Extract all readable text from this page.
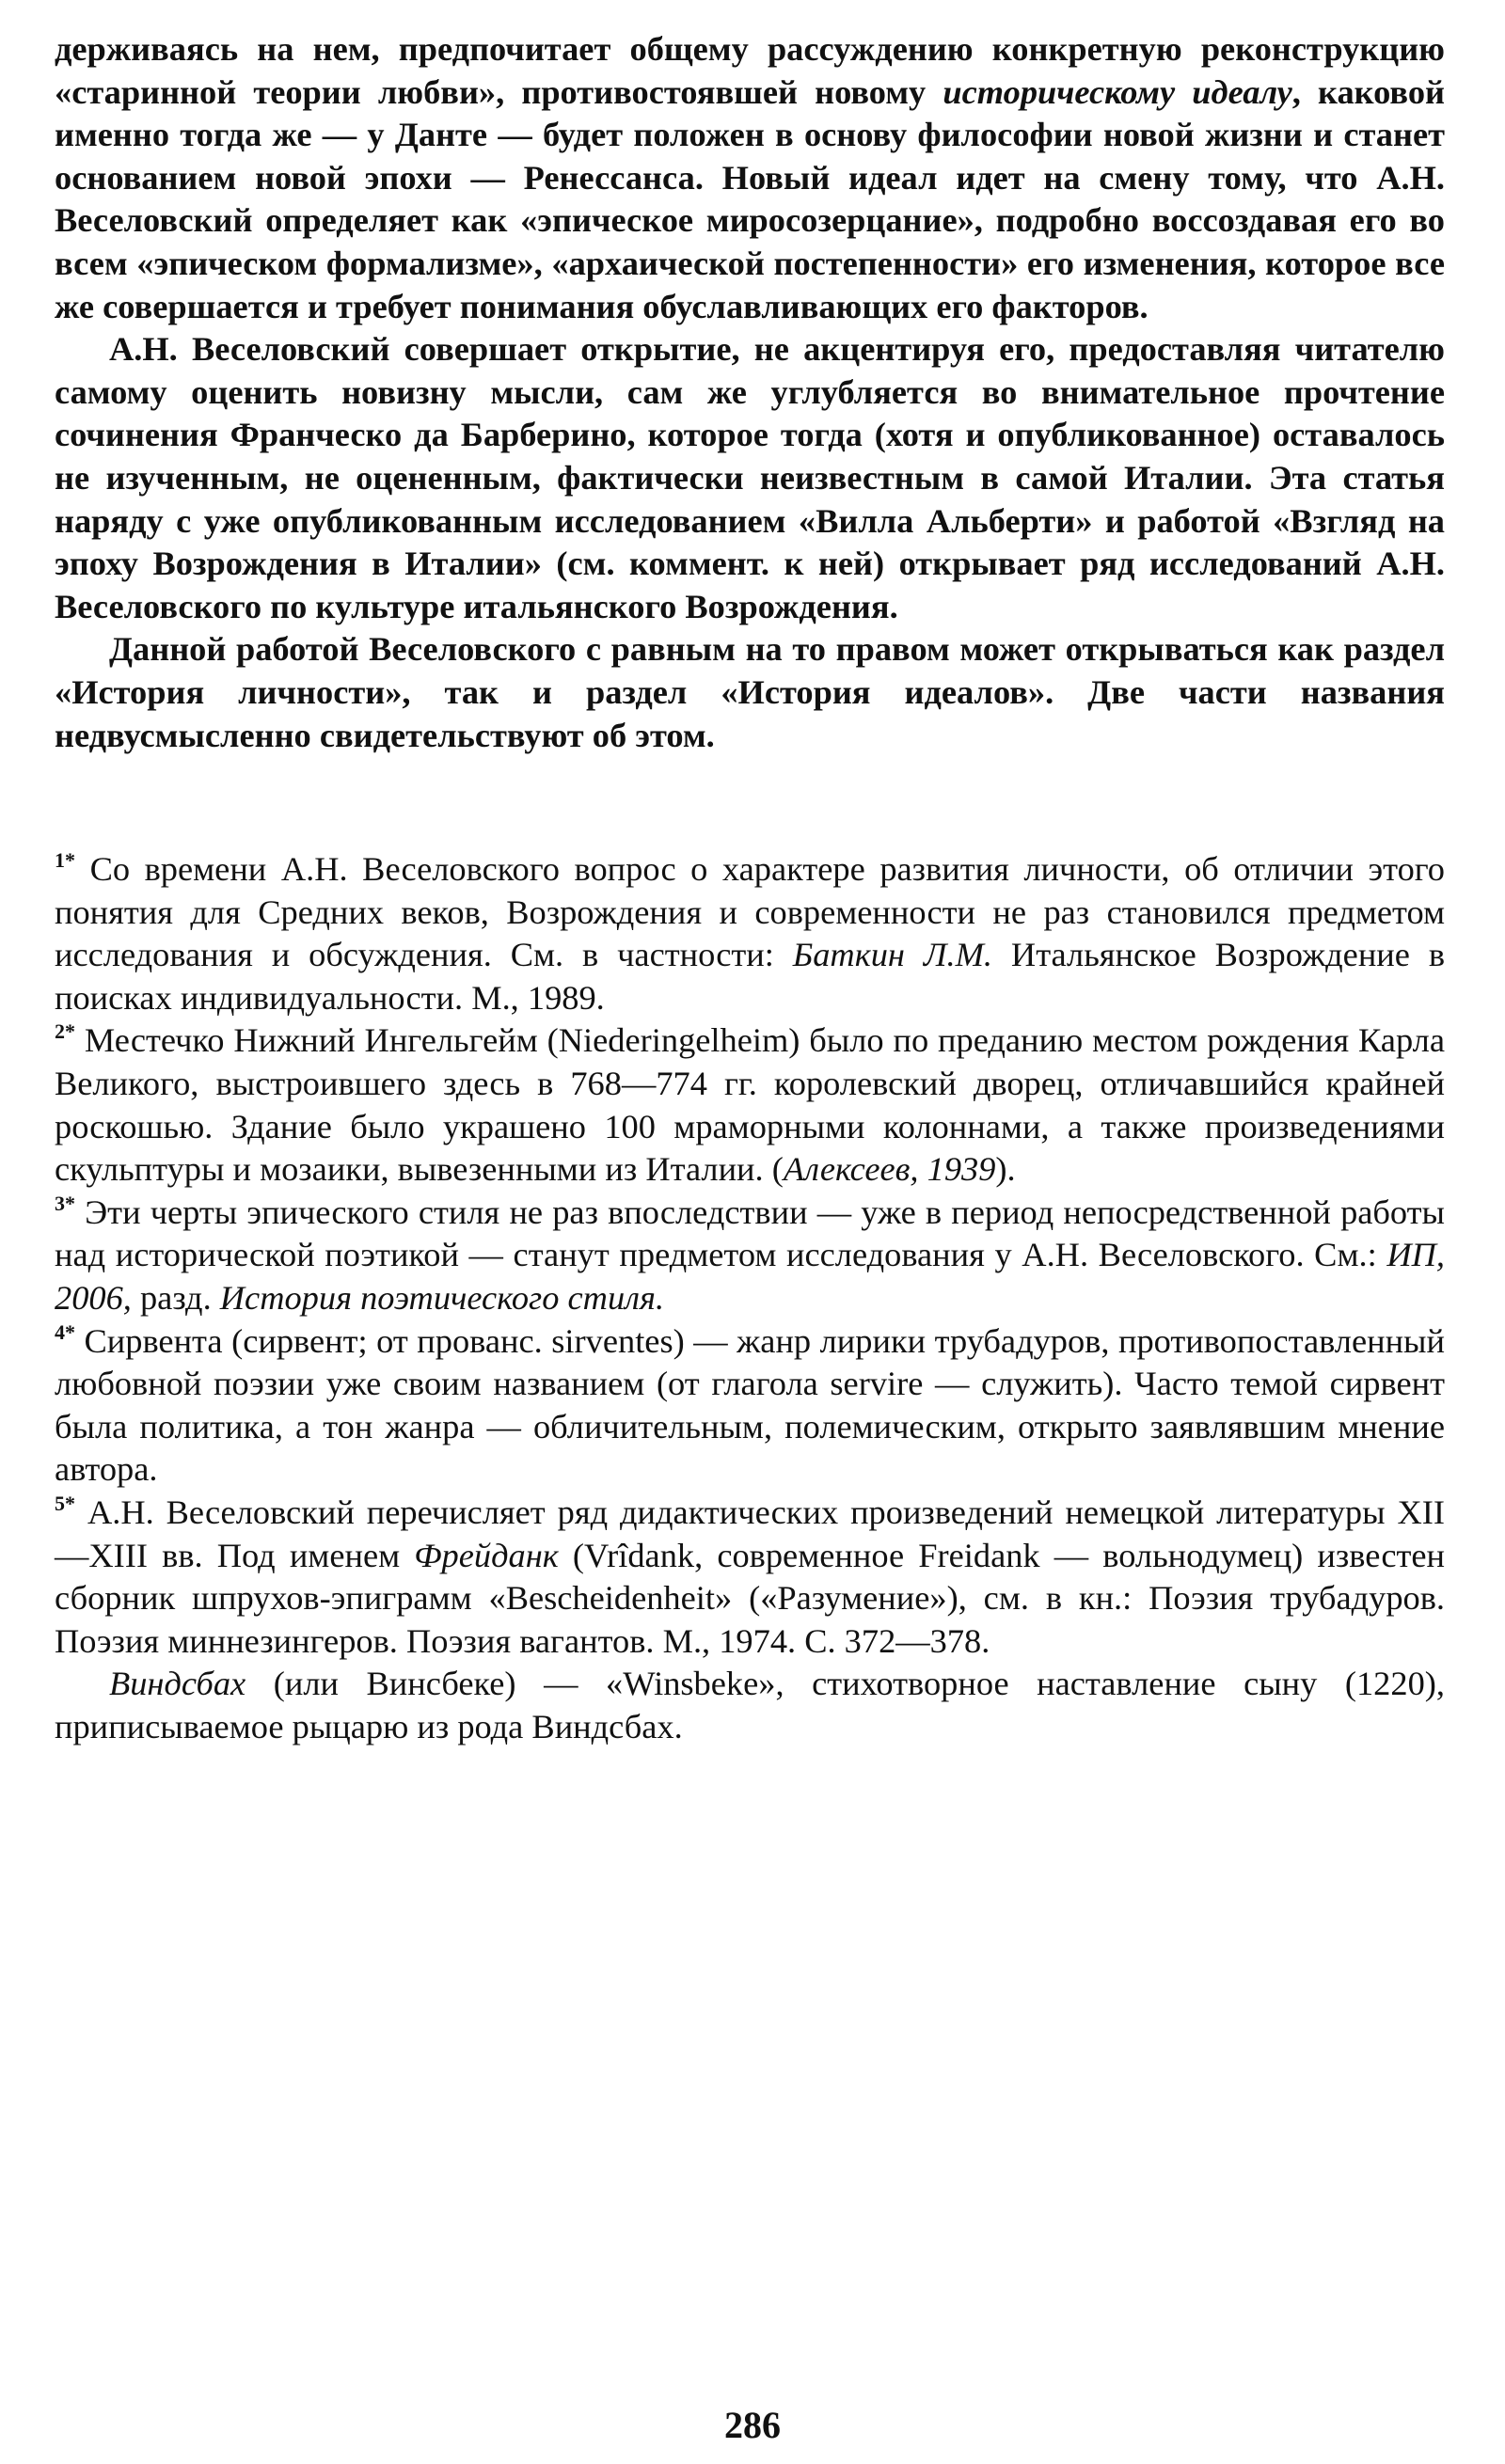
держиваясь на нем, предпочитает общему рассуждению конкретную реконструкцию «старинной теории любви», противостоявшей новому историческому идеалу, каковой именно тогда же — у Данте — будет положен в основу философии новой жизни и станет основанием новой эпохи — Ренессанса. Новый идеал идет на смену тому, что А.Н. Веселовский определяет как «эпическое миросозерцание», подробно воссоздавая его во всем «эпическом формализме», «архаической постепенности» его изменения, которое все же совершается и требует понимания обуславливающих его факторов.

А.Н. Веселовский совершает открытие, не акцентируя его, предоставляя читателю самому оценить новизну мысли, сам же углубляется во внимательное прочтение сочинения Франческо да Барберино, которое тогда (хотя и опубликованное) оставалось не изученным, не оцененным, фактически неизвестным в самой Италии. Эта статья наряду с уже опубликованным исследованием «Вилла Альберти» и работой «Взгляд на эпоху Возрождения в Италии» (см. коммент. к ней) открывает ряд исследований А.Н. Веселовского по культуре итальянского Возрождения.

Данной работой Веселовского с равным на то правом может открываться как раздел «История личности», так и раздел «История идеалов». Две части названия недвусмысленно свидетельствуют об этом.

$^{1*}$ Со времени А.Н. Веселовского вопрос о характере развития личности, об отличии этого понятия для Средних веков, Возрождения и современности не раз становился предметом исследования и обсуждения. См. в частности: Баткин Л.М. Итальянское Возрождение в поисках индивидуальности. М., 1989.

$^{2*}$ Местечко Нижний Ингельгейм (Niederingelheim) было по преданию местом рождения Карла Великого, выстроившего здесь в 768—774 гг. королевский дворец, отличавшийся крайней роскошью. Здание было украшено 100 мраморными колоннами, а также произведениями скульптуры и мозаики, вывезенными из Италии. (Алексеев, 1939).

$^{3*}$ Эти черты эпического стиля не раз впоследствии — уже в период непосредственной работы над исторической поэтикой — станут предметом исследования у А.Н. Веселовского. См.: ИП, 2006, разд. История поэтического стиля.

$^{4*}$ Сирвента (сирвент; от прованс. sirventes) — жанр лирики трубадуров, противопоставленный любовной поэзии уже своим названием (от глагола servire — служить). Часто темой сирвент была политика, а тон жанра — обличительным, полемическим, открыто заявлявшим мнение автора.

$^{5*}$ А.Н. Веселовский перечисляет ряд дидактических произведений немецкой литературы XII—XIII вв. Под именем Фрейданк (Vrîdank, современное Freidank — вольнодумец) известен сборник шпрухов-эпиграмм «Bescheidenheit» («Разумение»), см. в кн.: Поэзия трубадуров. Поэзия миннезингеров. Поэзия вагантов. М., 1974. С. 372—378.

Виндсбах (или Винсбеке) — «Winsbeke», стихотворное наставление сыну (1220), приписываемое рыцарю из рода Виндсбах.

286
